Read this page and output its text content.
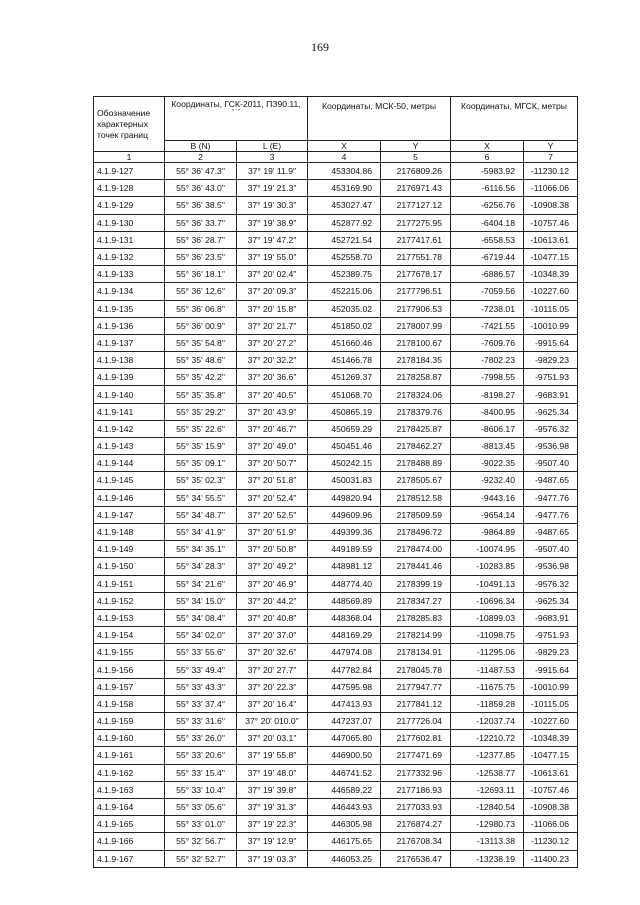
169
Обозначение характерных точек границ	Координаты, ГСК-2011, ПЗ90.11,
° ′ ″		Координаты, МСК-50, метры		Координаты, МГСК, метры	
	B (N)	L (E)	X	Y	X	Y
1	2	3	4	5	6	7
4.1.9-127	55° 36' 47.3"	37° 19' 11.9"	453304.86	2176809.26	-5983.92	-11230.12
4.1.9-128	55° 36' 43.0"	37° 19' 21.3"	453169.90	2176971.43	-6116.56	-11066.06
4.1.9-129	55° 36' 38.5"	37° 19' 30.3"	453027.47	2177127.12	-6256.76	-10908.38
4.1.9-130	55° 36' 33.7"	37° 19' 38.9"	452877.92	2177275.95	-6404.18	-10757.46
4.1.9-131	55° 36' 28.7"	37° 19' 47.2"	452721.54	2177417.61	-6558.53	-10613.61
4.1.9-132	55° 36' 23.5"	37° 19' 55.0"	452558.70	2177551.78	-6719.44	-10477.15
4.1.9-133	55° 36' 18.1"	37° 20' 02.4"	452389.75	2177678.17	-6886.57	-10348.39
4.1.9-134	55° 36' 12.6"	37° 20' 09.3"	452215.06	2177796.51	-7059.56	-10227.60
4.1.9-135	55° 36' 06.8"	37° 20' 15.8"	452035.02	2177906.53	-7238.01	-10115.05
4.1.9-136	55° 36' 00.9"	37° 20' 21.7"	451850.02	2178007.99	-7421.55	-10010.99
4.1.9-137	55° 35' 54.8"	37° 20' 27.2"	451660.46	2178100.67	-7609.76	-9915.64
4.1.9-138	55° 35' 48.6"	37° 20' 32.2"	451466.78	2178184.35	-7802.23	-9829.23
4.1.9-139	55° 35' 42.2"	37° 20' 36.6"	451269.37	2178258.87	-7998.55	-9751.93
4.1.9-140	55° 35' 35.8"	37° 20' 40.5"	451068.70	2178324.06	-8198.27	-9683.91
4.1.9-141	55° 35' 29.2"	37° 20' 43.9"	450865.19	2178379.76	-8400.95	-9625.34
4.1.9-142	55° 35' 22.6"	37° 20' 46.7"	450659.29	2178425.87	-8606.17	-9576.32
4.1.9-143	55° 35' 15.9"	37° 20' 49.0"	450451.46	2178462.27	-8813.45	-9536.98
4.1.9-144	55° 35' 09.1"	37° 20' 50.7"	450242.15	2178488.89	-9022.35	-9507.40
4.1.9-145	55° 35' 02.3"	37° 20' 51.8"	450031.83	2178505.67	-9232.40	-9487.65
4.1.9-146	55° 34' 55.5"	37° 20' 52.4"	449820.94	2178512.58	-9443.16	-9477.76
4.1.9-147	55° 34' 48.7"	37° 20' 52.5"	449609.96	2178509.59	-9654.14	-9477.76
4.1.9-148	55° 34' 41.9"	37° 20' 51.9"	449399.36	2178496.72	-9864.89	-9487.65
4.1.9-149	55° 34' 35.1"	37° 20' 50.8"	449189.59	2178474.00	-10074.95	-9507.40
4.1.9-150	55° 34' 28.3"	37° 20' 49.2"	448981.12	2178441.46	-10283.85	-9536.98
4.1.9-151	55° 34' 21.6"	37° 20' 46.9"	448774.40	2178399.19	-10491.13	-9576.32
4.1.9-152	55° 34' 15.0"	37° 20' 44.2"	448569.89	2178347.27	-10696.34	-9625.34
4.1.9-153	55° 34' 08.4"	37° 20' 40.8"	448368.04	2178285.83	-10899.03	-9683.91
4.1.9-154	55° 34' 02.0"	37° 20' 37.0"	448169.29	2178214.99	-11098.75	-9751.93
4.1.9-155	55° 33' 55.6"	37° 20' 32.6"	447974.08	2178134.91	-11295.06	-9829.23
4.1.9-156	55° 33' 49.4"	37° 20' 27.7"	447782.84	2178045.78	-11487.53	-9915.64
4.1.9-157	55° 33' 43.3"	37° 20' 22.3"	447595.98	2177947.77	-11675.75	-10010.99
4.1.9-158	55° 33' 37.4"	37° 20' 16.4"	447413.93	2177841.12	-11859.28	-10115.05
4.1.9-159	55° 33' 31.6"	37° 20' 010.0"	447237.07	2177726.04	-12037.74	-10227.60
4.1.9-160	55° 33' 26.0"	37° 20' 03.1"	447065.80	2177602.81	-12210.72	-10348.39
4.1.9-161	55° 33' 20.6"	37° 19' 55.8"	446900.50	2177471.69	-12377.85	-10477.15
4.1.9-162	55° 33' 15.4"	37° 19' 48.0"	446741.52	2177332.96	-12538.77	-10613.61
4.1.9-163	55° 33' 10.4"	37° 19' 39.8"	446589.22	2177186.93	-12693.11	-10757.46
4.1.9-164	55° 33' 05.6"	37° 19' 31.3"	446443.93	2177033.93	-12840.54	-10908.38
4.1.9-165	55° 33' 01.0"	37° 19' 22.3"	446305.98	2176874.27	-12980.73	-11066.06
4.1.9-166	55° 32' 56.7"	37° 19' 12.9"	446175.65	2176708.34	-13113.38	-11230.12
4.1.9-167	55° 32' 52.7"	37° 19' 03.3"	446053.25	2176536.47	-13238.19	-11400.23
